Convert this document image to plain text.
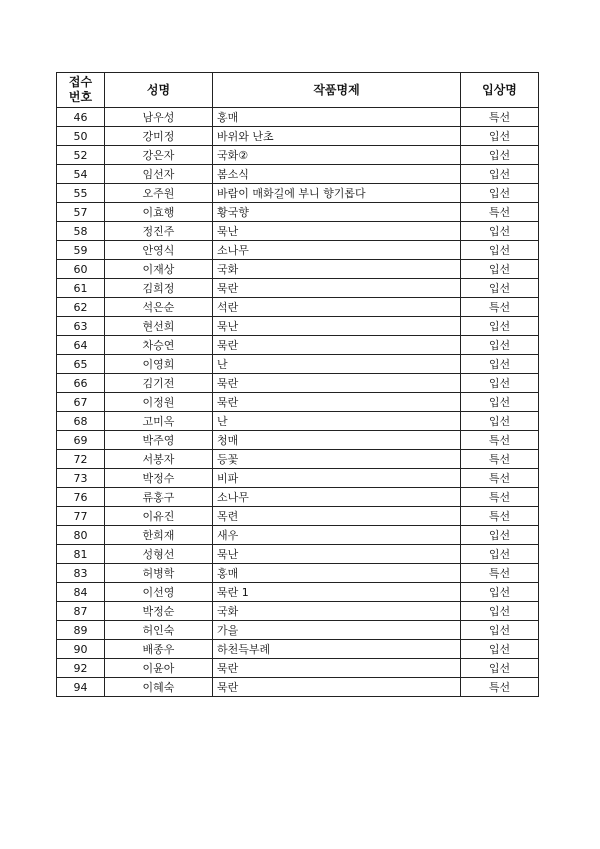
접수
번호	성명	작품명제	입상명
46	남우성	홍매	특선
50	강미정	바위와 난초	입선
52	강은자	국화②	입선
54	임선자	봄소식	입선
55	오주원	바람이 매화길에 부니 향기롭다	입선
57	이효행	황국향	특선
58	정진주	묵난	입선
59	안영식	소나무	입선
60	이재상	국화	입선
61	김희정	묵란	입선
62	석은순	석란	특선
63	현선희	묵난	입선
64	차승연	묵란	입선
65	이영희	난	입선
66	김기전	묵란	입선
67	이정원	묵란	입선
68	고미옥	난	입선
69	박주영	청매	특선
72	서봉자	등꽃	특선
73	박정수	비파	특선
76	류홍구	소나무	특선
77	이유진	목련	특선
80	한희재	새우	입선
81	성형선	묵난	입선
83	허병학	홍매	특선
84	이선영	묵란 1	입선
87	박정순	국화	입선
89	허인숙	가을	입선
90	배종우	하천득부례	입선
92	이윤아	묵란	입선
94	이혜숙	묵란	특선
